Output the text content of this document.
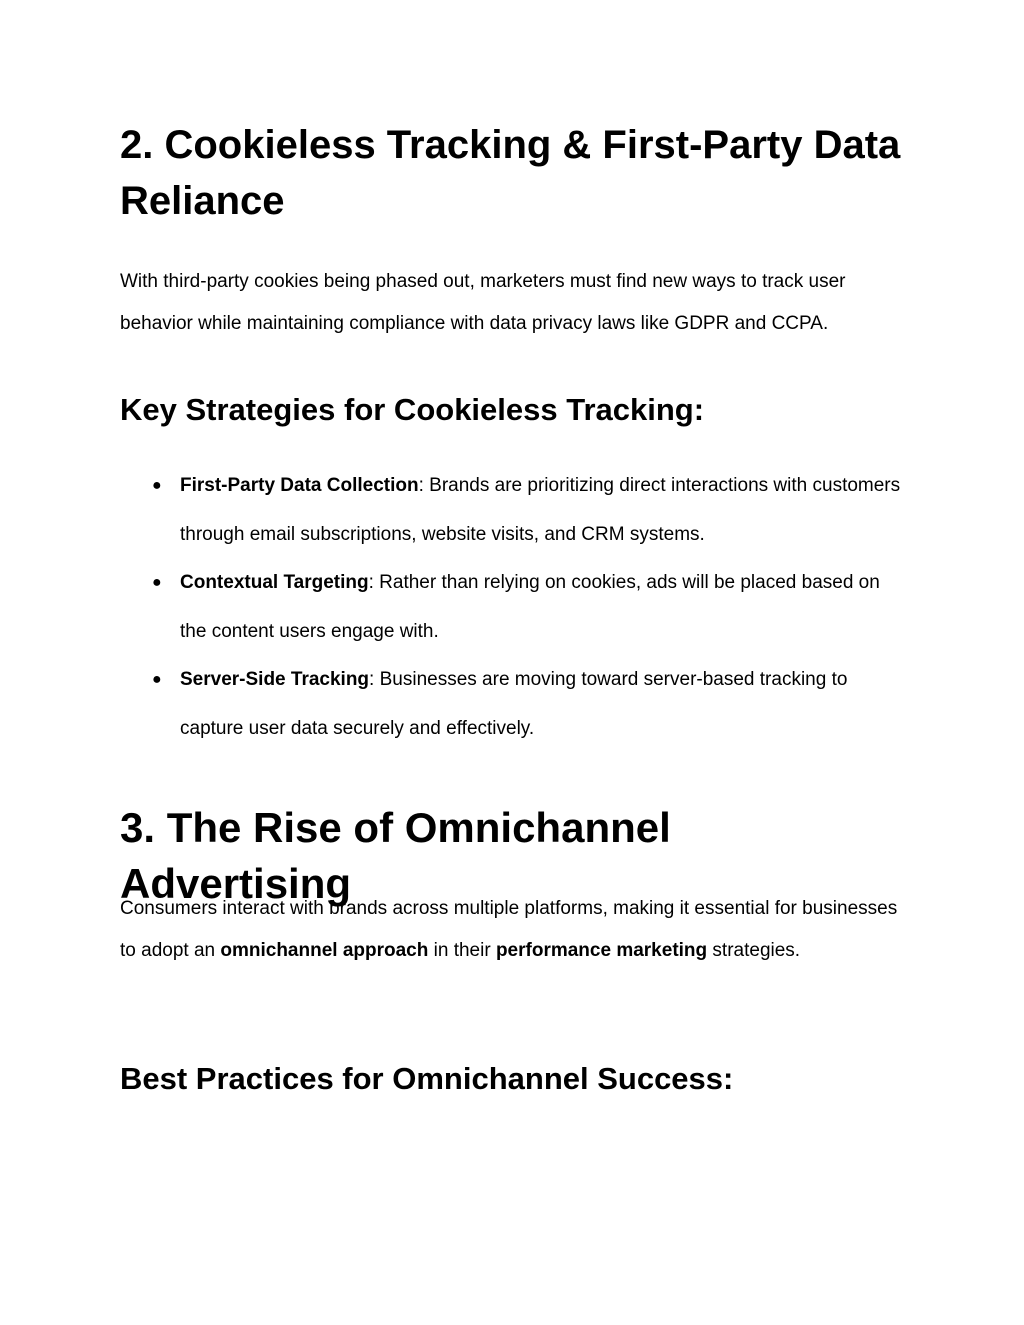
2. Cookieless Tracking & First-Party Data Reliance

With third-party cookies being phased out, marketers must find new ways to track user behavior while maintaining compliance with data privacy laws like GDPR and CCPA.

Key Strategies for Cookieless Tracking:
● First-Party Data Collection: Brands are prioritizing direct interactions with customers through email subscriptions, website visits, and CRM systems.
● Contextual Targeting: Rather than relying on cookies, ads will be placed based on the content users engage with.
● Server-Side Tracking: Businesses are moving toward server-based tracking to capture user data securely and effectively.
3. The Rise of Omnichannel Advertising

Consumers interact with brands across multiple platforms, making it essential for businesses to adopt an omnichannel approach in their performance marketing strategies.

Best Practices for Omnichannel Success:
